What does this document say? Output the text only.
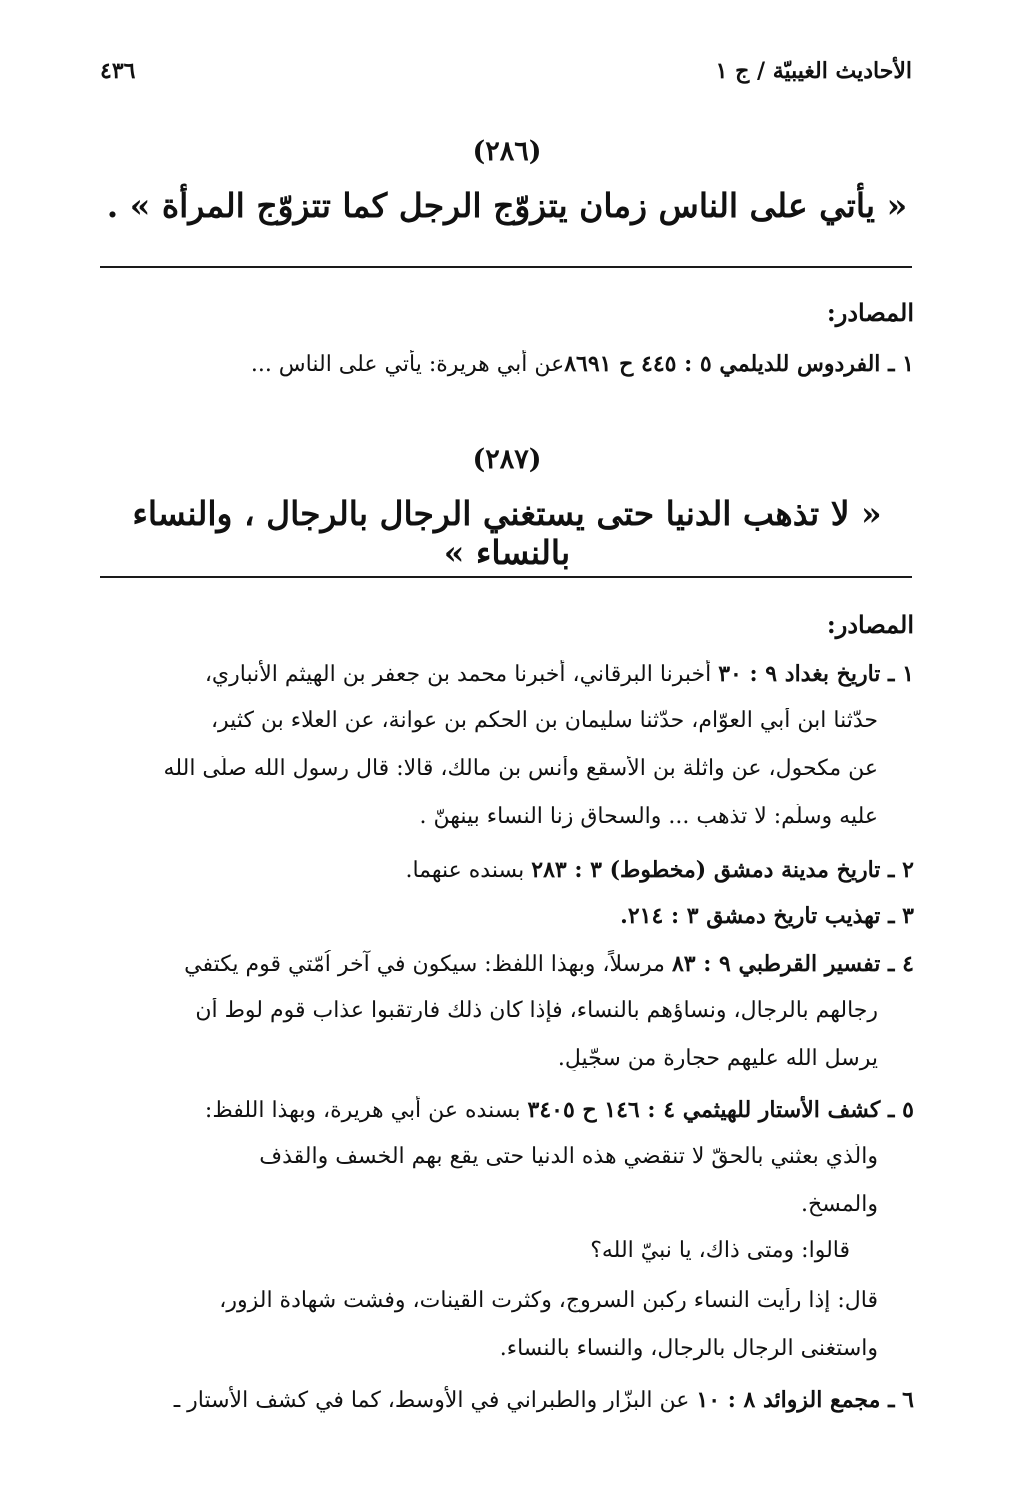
الأحاديث الغيبيّة / ج ١
٤٣٦
(٢٨٦)
« يأتي على الناس زمان يتزوّج الرجل كما تتزوّج المرأة » .
المصادر:
١ ـ الفردوس للديلمي ٥ : ٤٤٥ ح ٨٦٩١عن أبي هريرة: يأتي على الناس ...
(٢٨٧)
« لا تذهب الدنيا حتى يستغني الرجال بالرجال ، والنساء بالنساء »
المصادر:
١ ـ تاريخ بغداد ٩ : ٣٠ أخبرنا البرقاني، أخبرنا محمد بن جعفر بن الهيثم الأنباري،
حدّثنا ابن أبي العوّام، حدّثنا سليمان بن الحكم بن عوانة، عن العلاء بن كثير،
عن مكحول، عن واثلة بن الأسقع وأنس بن مالك، قالا: قال رسول الله صلّى الله
عليه وسلّم: لا تذهب ... والسحاق زنا النساء بينهنّ .
٢ ـ تاريخ مدينة دمشق (مخطوط) ٣ : ٢٨٣ بسنده عنهما.
٣ ـ تهذيب تاريخ دمشق ٣ : ٢١٤.
٤ ـ تفسير القرطبي ٩ : ٨٣ مرسلاً، وبهذا اللفظ: سيكون في آخر اُمّتي قوم يكتفي
رجالهم بالرجال، ونساؤهم بالنساء، فإذا كان ذلك فارتقبوا عذاب قوم لوط أن
يرسل الله عليهم حجارة من سجّيلٍ.
٥ ـ كشف الأستار للهيثمي ٤ : ١٤٦ ح ٣٤٠٥ بسنده عن أبي هريرة، وبهذا اللفظ:
والّذي بعثني بالحقّ لا تنقضي هذه الدنيا حتى يقع بهم الخسف والقذف
والمسخ.
قالوا: ومتى ذاك، يا نبيّ الله؟
قال: إذا رأيت النساء ركبن السروج، وكثرت القينات، وفشت شهادة الزور،
واستغنى الرجال بالرجال، والنساء بالنساء.
٦ ـ مجمع الزوائد ٨ : ١٠ عن البزّار والطبراني في الأوسط، كما في كشف الأستار ـ
